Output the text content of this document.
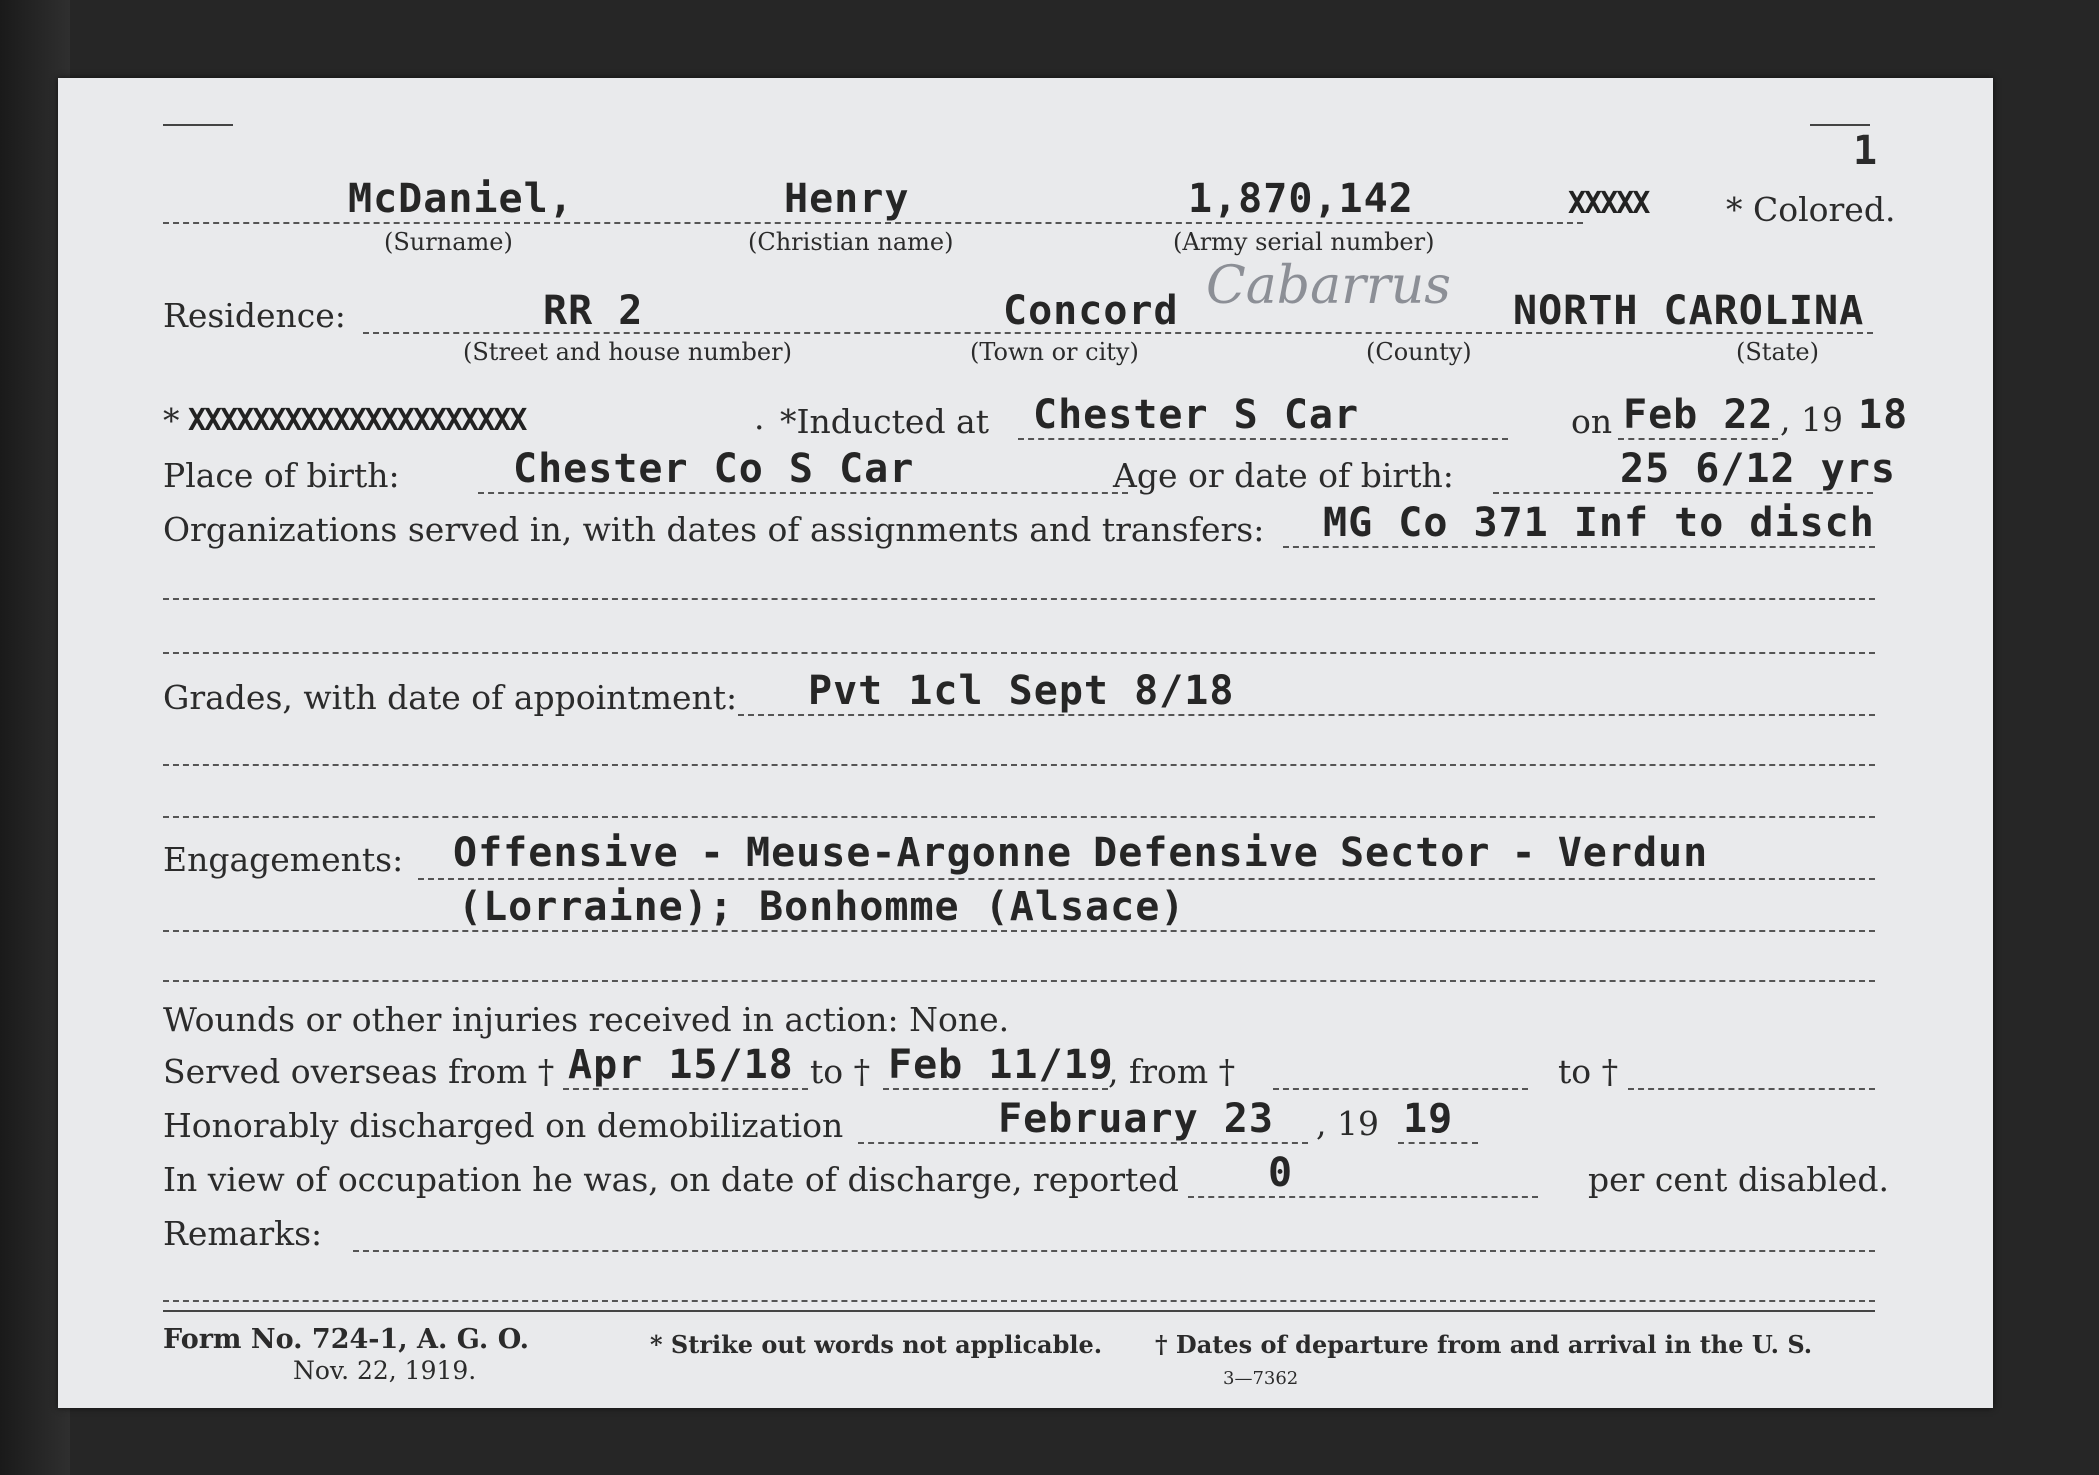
1
McDaniel,
(Surname)
Henry
(Christian name)
1,870,142
(Army serial number)
XXXXX * Colored.
Residence:	RR 2
(Street and house number)
Concord
(Town or city)
Cabarrus
(County)
NORTH CAROLINA
(State)
* XXXXXXXXXXXXXXXXXXXXX	. *Inducted at Chester S Car	on Feb 22 , 19 18
Place of birth:	Chester Co S Car	Age or date of birth:	25 6/12 yrs
Organizations served in, with dates of assignments and transfers: MG Co 371 Inf to disch
Grades, with date of appointment: Pvt 1cl Sept 8/18
Engagements: Offensive - Meuse-Argonne Defensive Sector - Verdun
(Lorraine); Bonhomme (Alsace)
Wounds or other injuries received in action: None.
Served overseas from † Apr 15/18 to † Feb 11/19
, from †	to †
Honorably discharged on demobilization	February 23 , 19 19
In view of occupation he was, on date of discharge, reported 0	per cent disabled.
Remarks:
Form No. 724-1, A. G. O.
Nov. 22, 1919.
* Strike out words not applicable. † Dates of departure from and arrival in the U. S.
3—7362
